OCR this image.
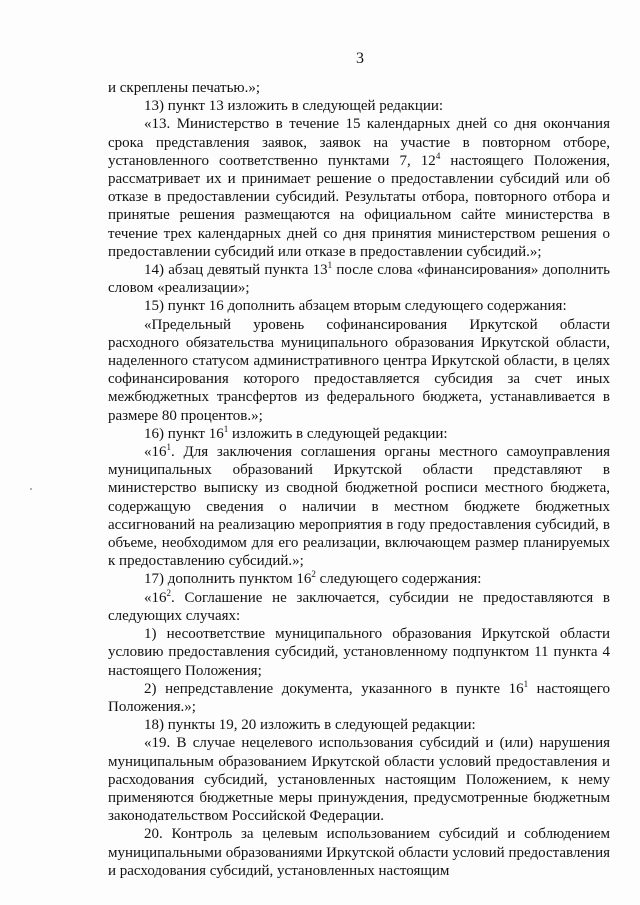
3

и скреплены печатью.»;

13) пункт 13 изложить в следующей редакции:

«13. Министерство в течение 15 календарных дней со дня окончания срока представления заявок, заявок на участие в повторном отборе, установленного соответственно пунктами 7, $12^4$ настоящего Положения, рассматривает их и принимает решение о предоставлении субсидий или об отказе в предоставлении субсидий. Результаты отбора, повторного отбора и принятые решения размещаются на официальном сайте министерства в течение трех календарных дней со дня принятия министерством решения о предоставлении субсидий или отказе в предоставлении субсидий.»;

14) абзац девятый пункта $13^1$ после слова «финансирования» дополнить словом «реализации»;

15) пункт 16 дополнить абзацем вторым следующего содержания:

«Предельный уровень софинансирования Иркутской области расходного обязательства муниципального образования Иркутской области, наделенного статусом административного центра Иркутской области, в целях софинансирования которого предоставляется субсидия за счет иных межбюджетных трансфертов из федерального бюджета, устанавливается в размере 80 процентов.»;

16) пункт $16^1$ изложить в следующей редакции:

«$16^1$. Для заключения соглашения органы местного самоуправления муниципальных образований Иркутской области представляют в министерство выписку из сводной бюджетной росписи местного бюджета, содержащую сведения о наличии в местном бюджете бюджетных ассигнований на реализацию мероприятия в году предоставления субсидий, в объеме, необходимом для его реализации, включающем размер планируемых к предоставлению субсидий.»;

17) дополнить пунктом $16^2$ следующего содержания:

«$16^2$. Соглашение не заключается, субсидии не предоставляются в следующих случаях:

1) несоответствие муниципального образования Иркутской области условию предоставления субсидий, установленному подпунктом 11 пункта 4 настоящего Положения;

2) непредставление документа, указанного в пункте $16^1$ настоящего Положения.»;

18) пункты 19, 20 изложить в следующей редакции:

«19. В случае нецелевого использования субсидий и (или) нарушения муниципальным образованием Иркутской области условий предоставления и расходования субсидий, установленных настоящим Положением, к нему применяются бюджетные меры принуждения, предусмотренные бюджетным законодательством Российской Федерации.

20. Контроль за целевым использованием субсидий и соблюдением муниципальными образованиями Иркутской области условий предоставления и расходования субсидий, установленных настоящим
